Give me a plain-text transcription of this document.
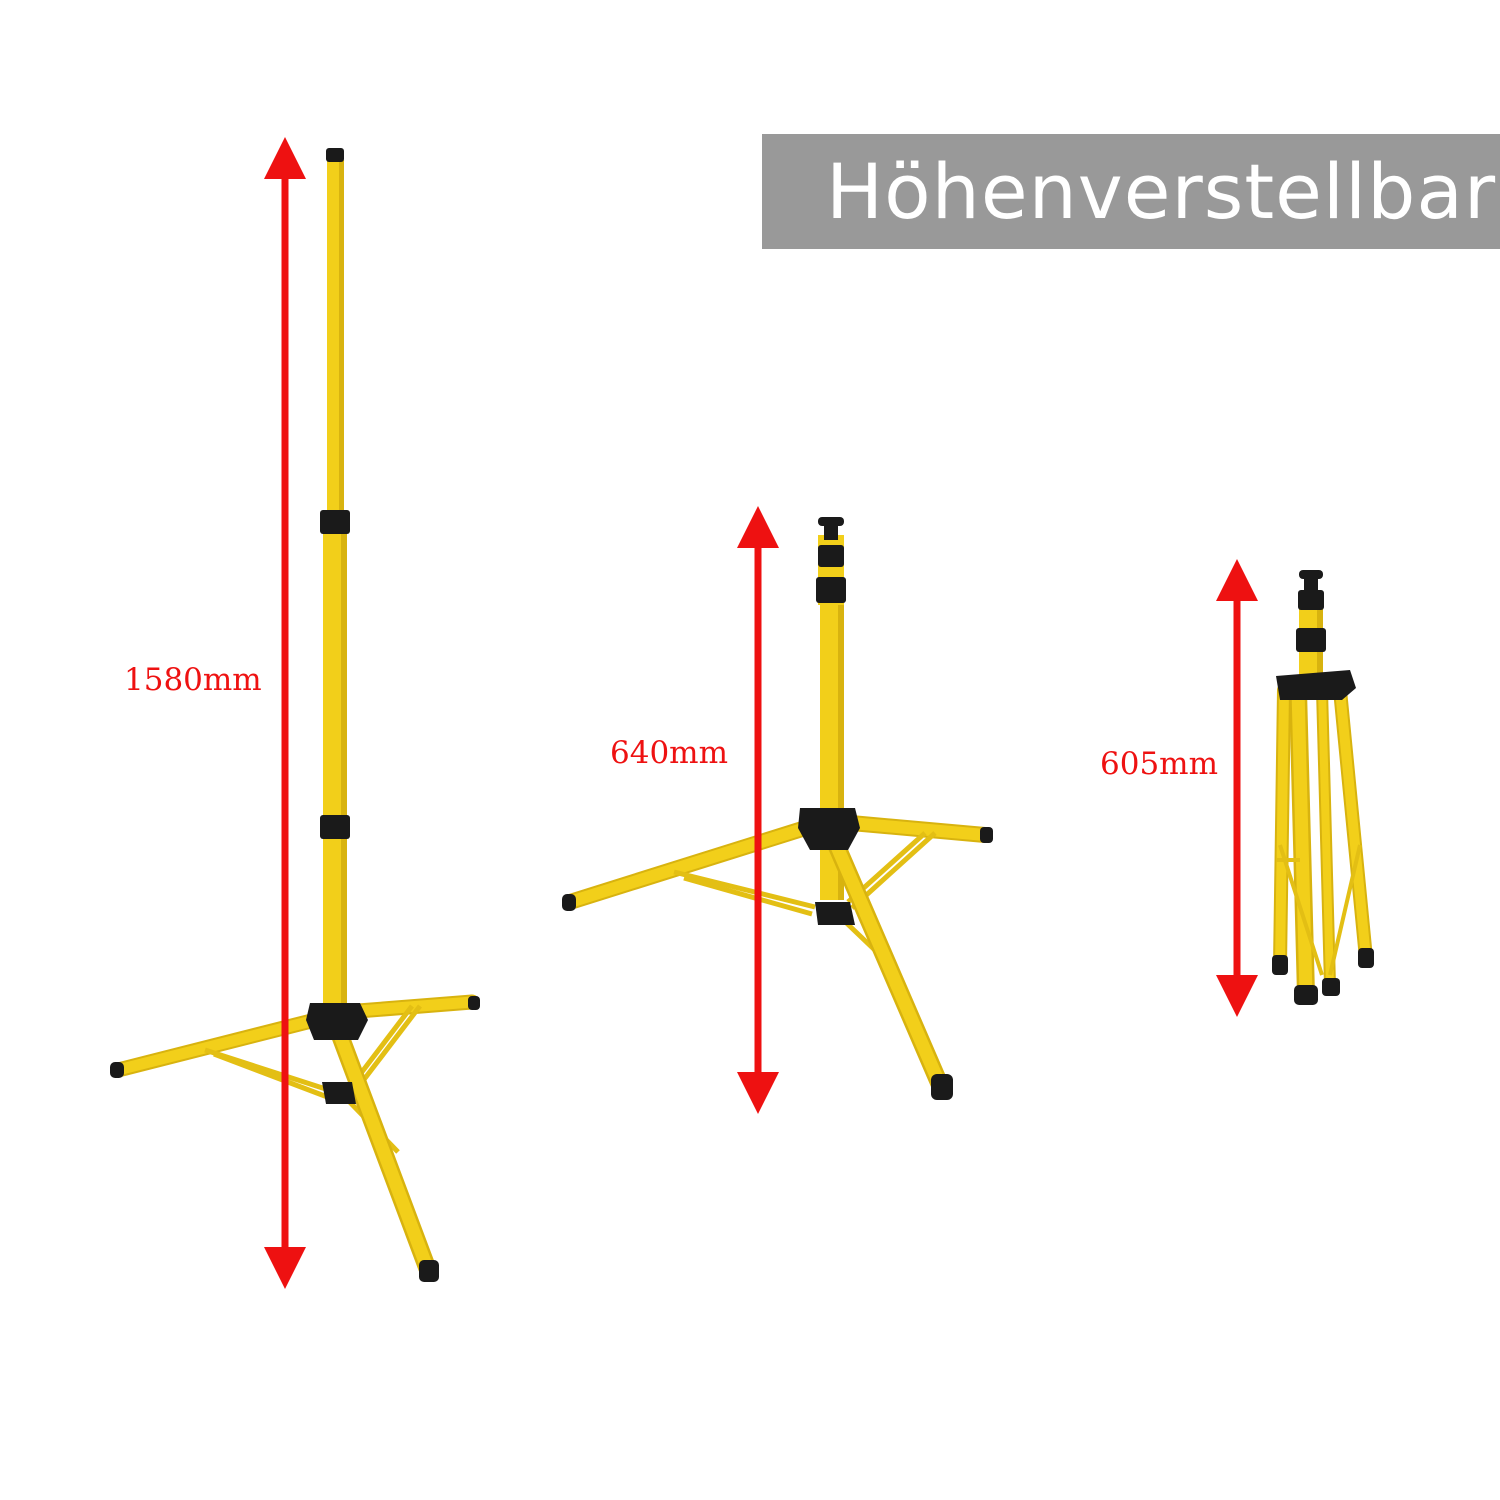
Höhenverstellbar

1580mm

640mm	605mm
